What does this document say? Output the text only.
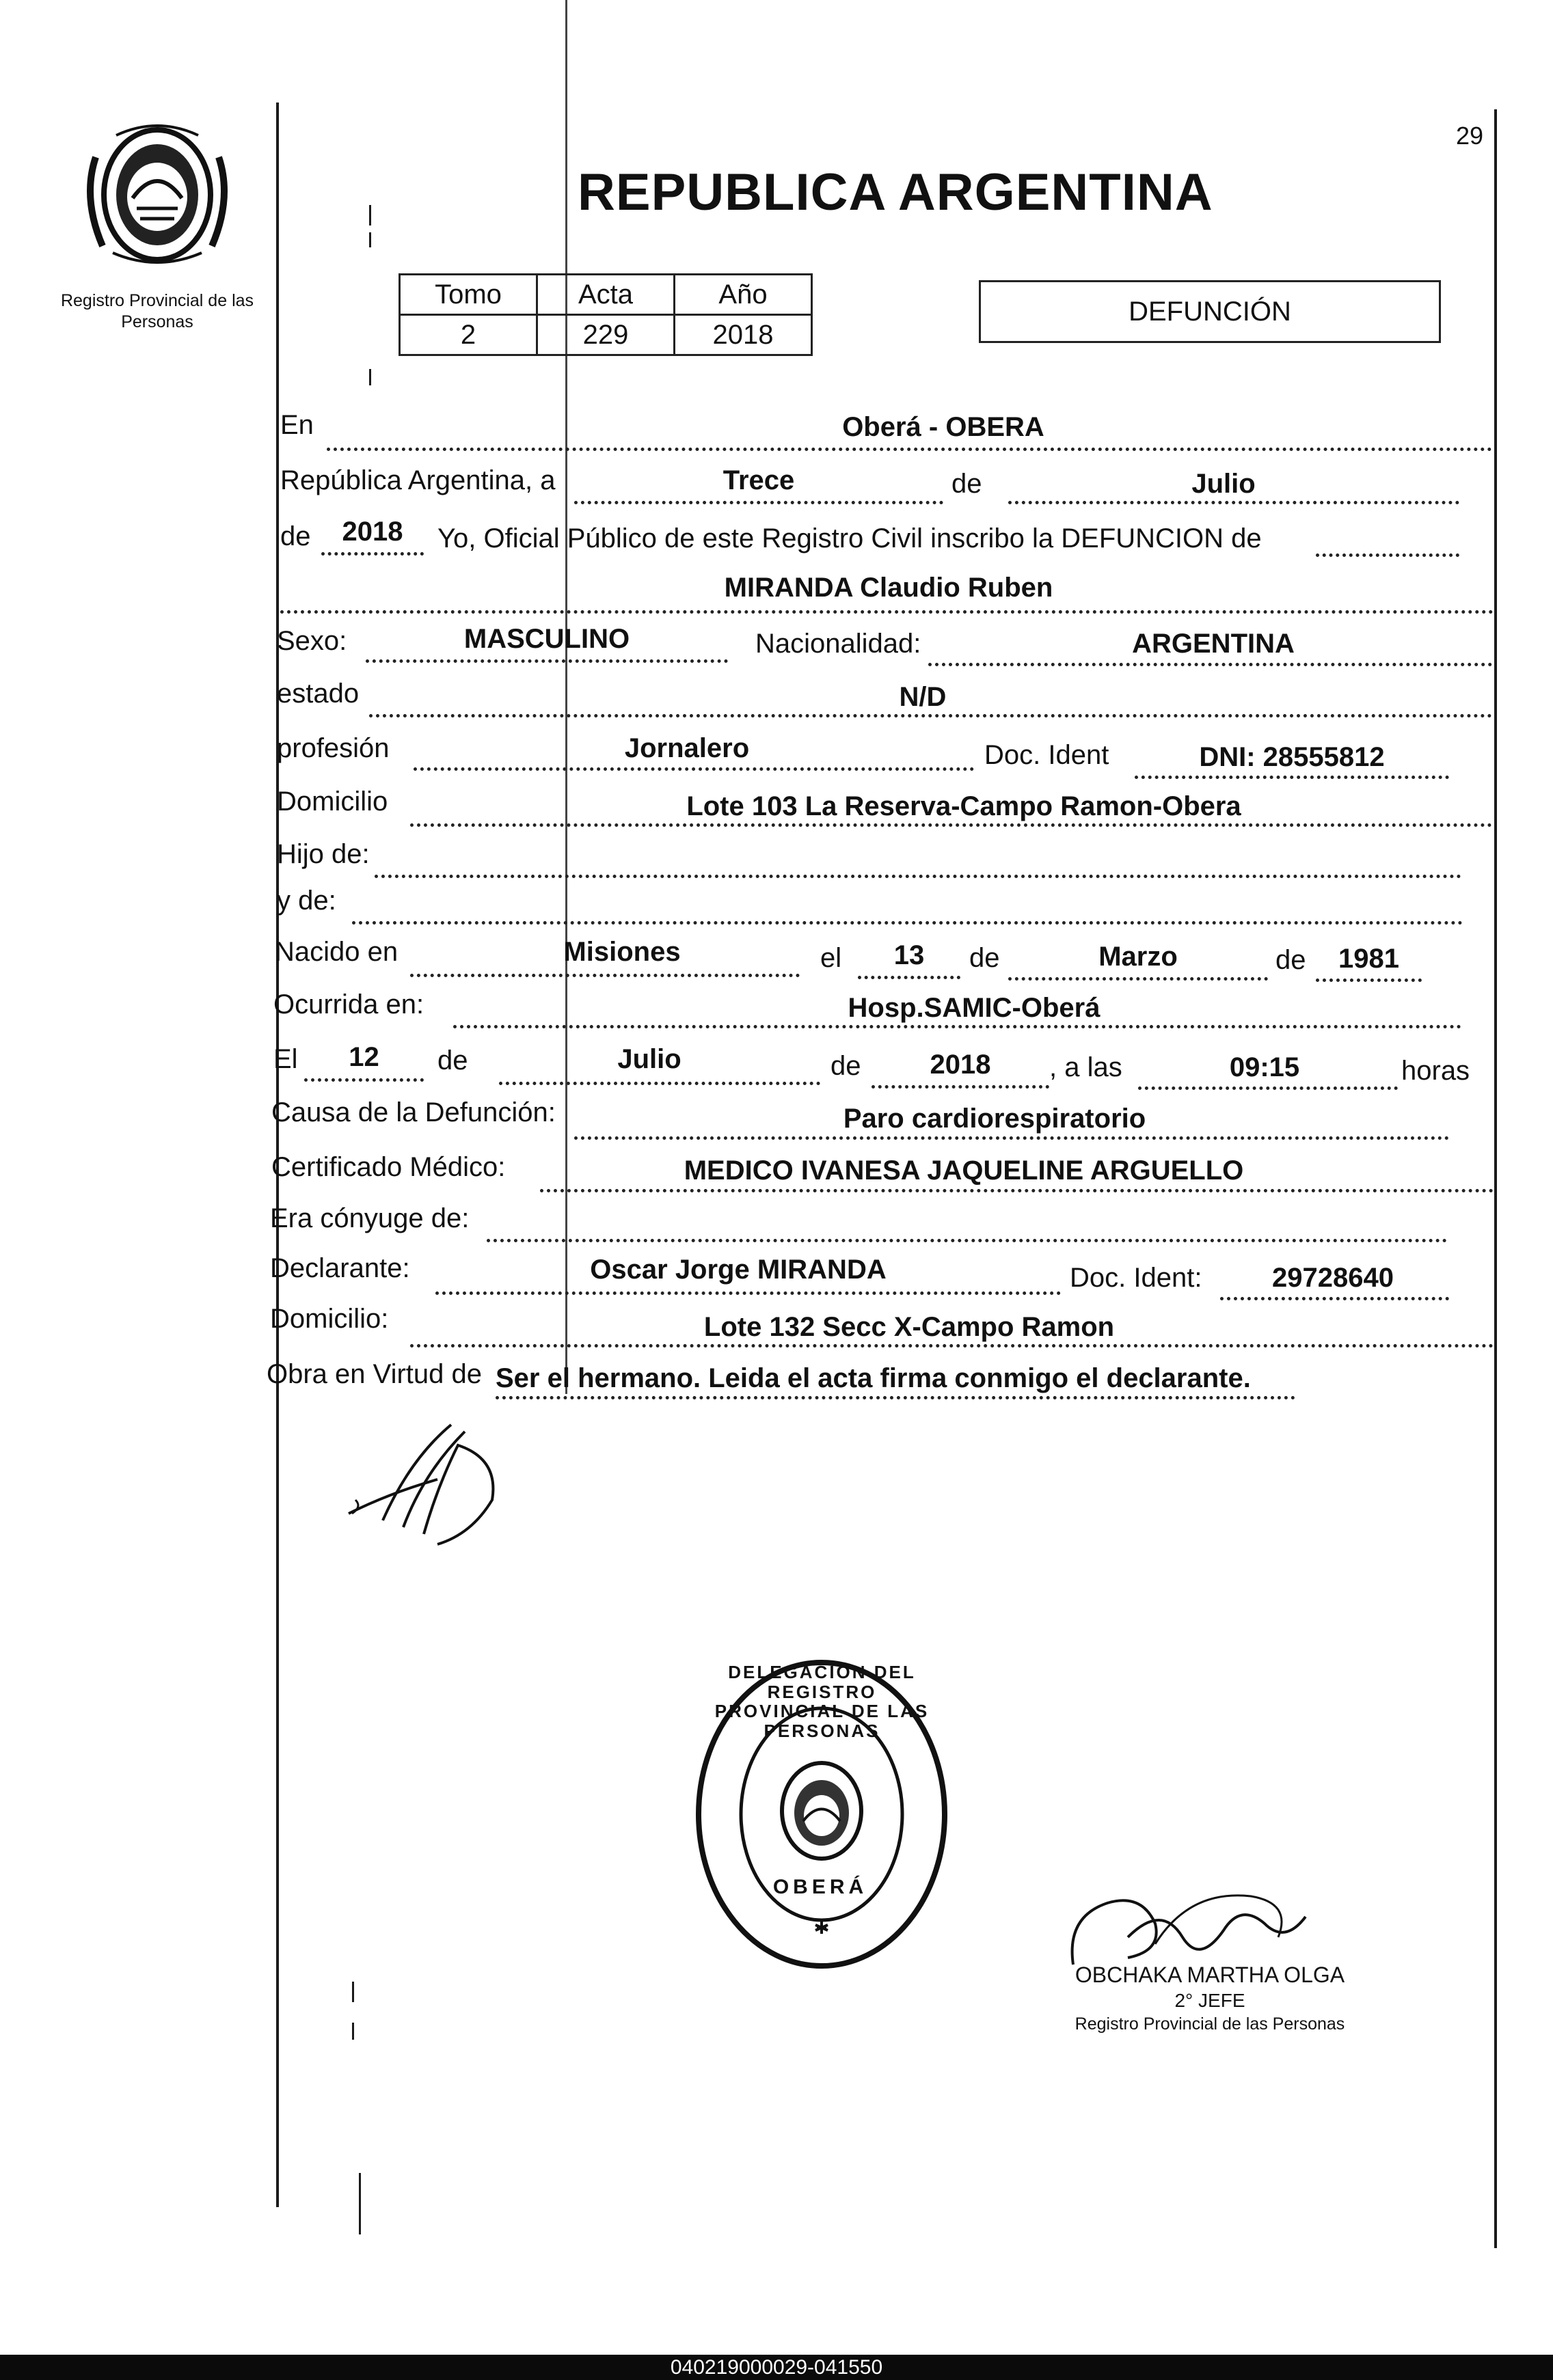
Registro Provincial de las Personas
29
REPUBLICA ARGENTINA
Tomo	Acta	Año
2	229	2018
DEFUNCIÓN
En	Oberá - OBERA
República Argentina, a	Trece	de	Julio
de	2018	Yo, Oficial Público de este Registro Civil inscribo la DEFUNCION de
MIRANDA Claudio Ruben
Sexo:	MASCULINO	Nacionalidad:	ARGENTINA
estado	N/D
profesión	Jornalero	Doc. Ident	DNI: 28555812
Domicilio	Lote 103 La Reserva-Campo Ramon-Obera
Hijo de:
y de:
Nacido en	Misiones	el	13	de	Marzo	de	1981
Ocurrida en:	Hosp.SAMIC-Oberá
El	12	de	Julio	de	2018	, a las	09:15	horas
Causa de la Defunción:	Paro cardiorespiratorio
Certificado Médico:	MEDICO IVANESA JAQUELINE ARGUELLO
Era cónyuge de:
Declarante:	Oscar Jorge MIRANDA	Doc. Ident:	29728640
Domicilio:	Lote 132 Secc X-Campo Ramon
Obra en Virtud de Ser el hermano. Leida el acta firma conmigo el declarante.
DELEGACION DEL REGISTRO PROVINCIAL DE LAS PERSONAS
OBERÁ
OBCHAKA MARTHA OLGA
2° JEFE
Registro Provincial de las Personas
040219000029-041550
